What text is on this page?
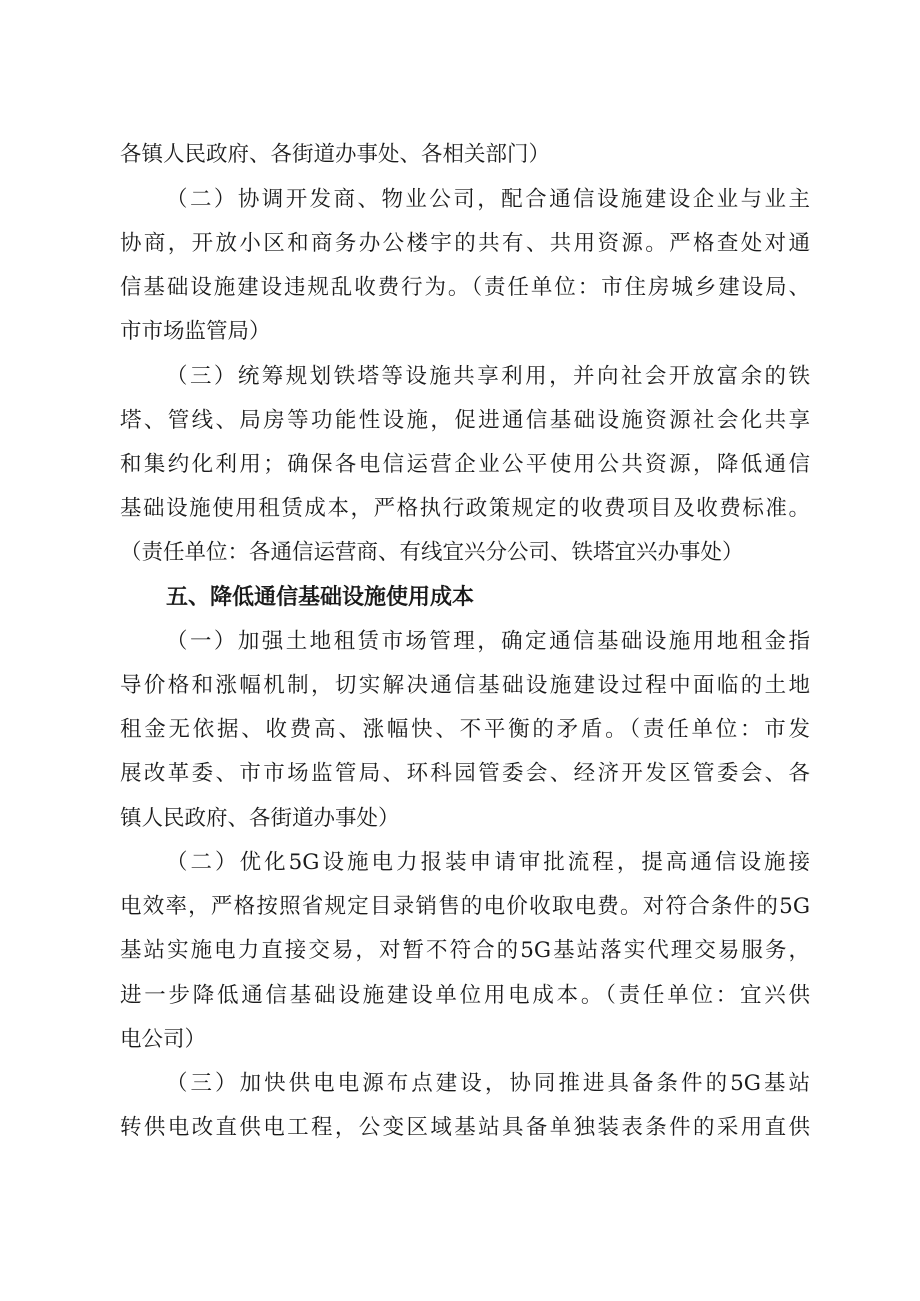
各镇人民政府、各街道办事处、各相关部门）
（二）协调开发商、物业公司，配合通信设施建设企业与业主
协商，开放小区和商务办公楼宇的共有、共用资源。严格查处对通
信基础设施建设违规乱收费行为。（责任单位：市住房城乡建设局、
市市场监管局）
（三）统筹规划铁塔等设施共享利用，并向社会开放富余的铁
塔、管线、局房等功能性设施，促进通信基础设施资源社会化共享
和集约化利用；确保各电信运营企业公平使用公共资源，降低通信
基础设施使用租赁成本，严格执行政策规定的收费项目及收费标准。
（责任单位：各通信运营商、有线宜兴分公司、铁塔宜兴办事处）
五、降低通信基础设施使用成本
（一）加强土地租赁市场管理，确定通信基础设施用地租金指
导价格和涨幅机制，切实解决通信基础设施建设过程中面临的土地
租金无依据、收费高、涨幅快、不平衡的矛盾。（责任单位：市发
展改革委、市市场监管局、环科园管委会、经济开发区管委会、各
镇人民政府、各街道办事处）
（二）优化5G设施电力报装申请审批流程，提高通信设施接
电效率，严格按照省规定目录销售的电价收取电费。对符合条件的5G
基站实施电力直接交易，对暂不符合的5G基站落实代理交易服务，
进一步降低通信基础设施建设单位用电成本。（责任单位：宜兴供
电公司）
（三）加快供电电源布点建设，协同推进具备条件的5G基站
转供电改直供电工程，公变区域基站具备单独装表条件的采用直供
